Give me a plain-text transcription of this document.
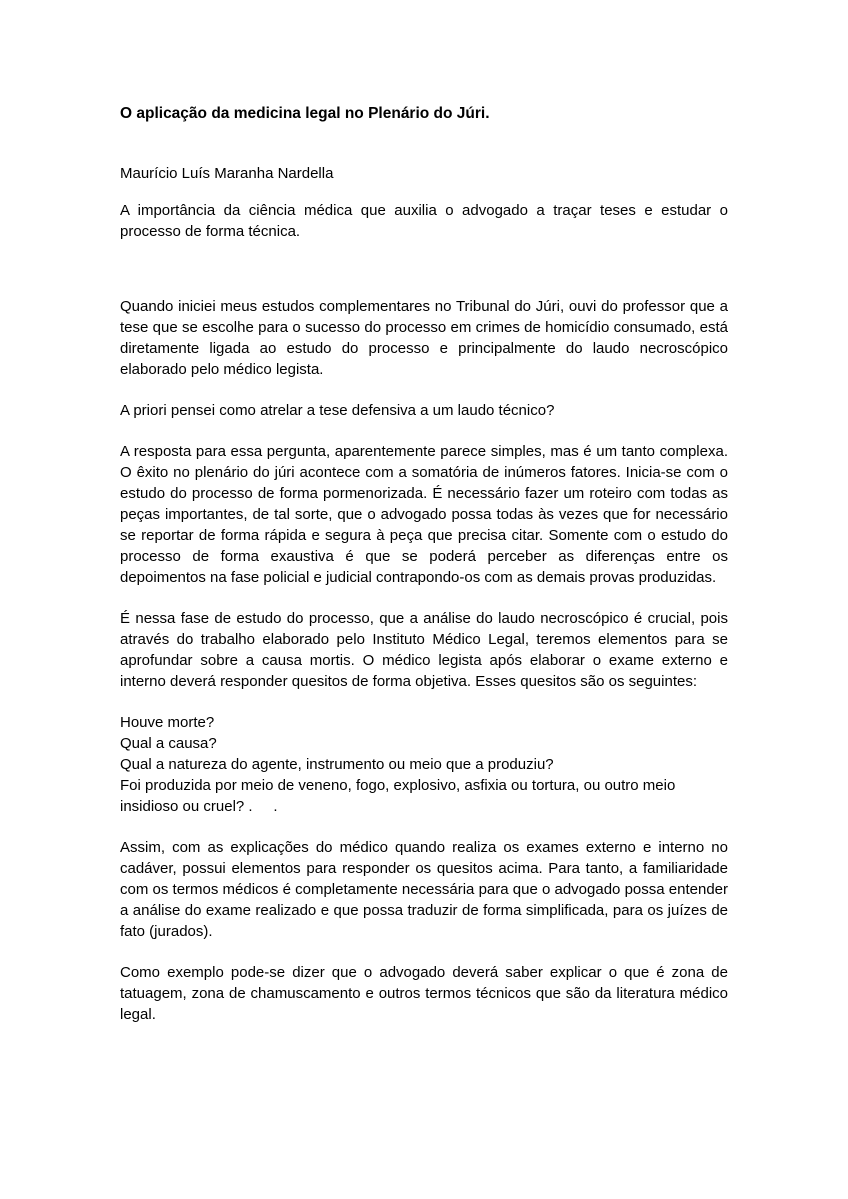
O aplicação da medicina legal no Plenário do Júri.
Maurício Luís Maranha Nardella
A importância da ciência médica que auxilia o advogado a traçar teses e estudar o processo de forma técnica.
Quando iniciei meus estudos complementares no Tribunal do Júri, ouvi do professor que a tese que se escolhe para o sucesso do processo em crimes de homicídio consumado, está diretamente ligada ao estudo do processo e principalmente do laudo necroscópico elaborado pelo médico legista.
A priori pensei como atrelar a tese defensiva a um laudo técnico?
A resposta para essa pergunta, aparentemente parece simples, mas é um tanto complexa. O êxito no plenário do júri acontece com a somatória de inúmeros fatores. Inicia-se com o estudo do processo de forma pormenorizada. É necessário fazer um roteiro com todas as peças importantes, de tal sorte, que o advogado possa todas às vezes que for necessário se reportar de forma rápida e segura à peça que precisa citar. Somente com o estudo do processo de forma exaustiva é que se poderá perceber as diferenças entre os depoimentos na fase policial e judicial contrapondo-os com as demais provas produzidas.
É nessa fase de estudo do processo, que a análise do laudo necroscópico é crucial, pois através do trabalho elaborado pelo Instituto Médico Legal, teremos elementos para se aprofundar sobre a causa mortis. O médico legista após elaborar o exame externo e interno deverá responder quesitos de forma objetiva. Esses quesitos são os seguintes:
Houve morte?
Qual a causa?
Qual a natureza do agente, instrumento ou meio que a produziu?
Foi produzida por meio de veneno, fogo, explosivo, asfixia ou tortura, ou outro meio insidioso ou cruel? .     .
Assim, com as explicações do médico quando realiza os exames externo e interno no cadáver, possui elementos para responder os quesitos acima. Para tanto, a familiaridade com os termos médicos é completamente necessária para que o advogado possa entender a análise do exame realizado e que possa traduzir de forma simplificada, para os juízes de fato (jurados).
Como exemplo pode-se dizer que o advogado deverá saber explicar o que é zona de tatuagem, zona de chamuscamento e outros termos técnicos que são da literatura médico legal.
